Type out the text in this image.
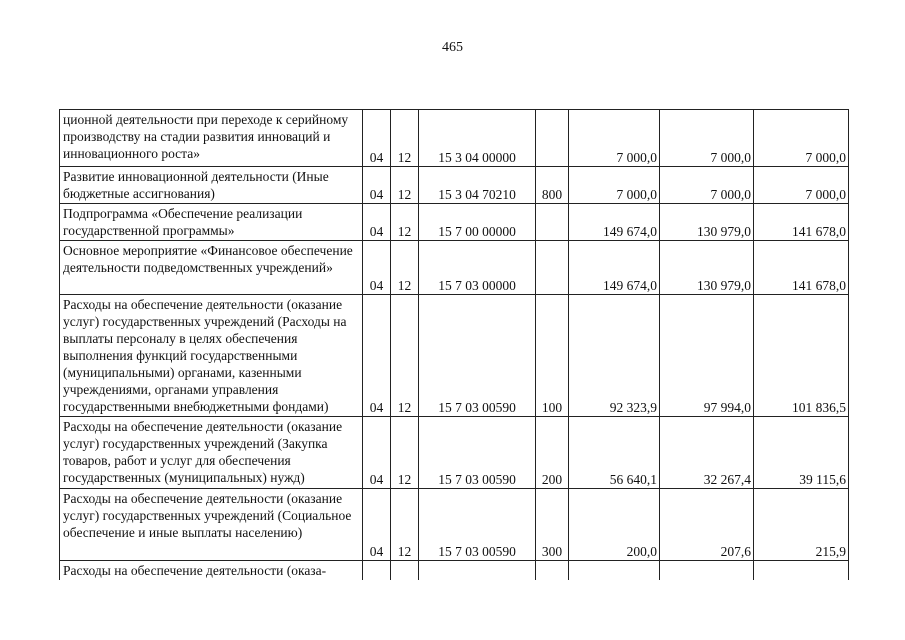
465
ционной деятельности при переходе к серийному производству на стадии развития инноваций и инновационного роста»	04	12	15 3 04 00000		7 000,0	7 000,0	7 000,0
Развитие инновационной деятельности (Иные бюджетные ассигнования)	04	12	15 3 04 70210	800	7 000,0	7 000,0	7 000,0
Подпрограмма «Обеспечение реализации государственной программы»	04	12	15 7 00 00000		149 674,0	130 979,0	141 678,0
Основное мероприятие «Финансовое обеспечение деятельности подведомственных учреждений»	04	12	15 7 03 00000		149 674,0	130 979,0	141 678,0
Расходы на обеспечение деятельности (оказание услуг) государственных учреждений (Расходы на выплаты персоналу в целях обеспечения выполнения функций государственными (муниципальными) органами, казенными учреждениями, органами управления государственными внебюджетными фондами)	04	12	15 7 03 00590	100	92 323,9	97 994,0	101 836,5
Расходы на обеспечение деятельности (оказание услуг) государственных учреждений (Закупка товаров, работ и услуг для обеспечения государственных (муниципальных) нужд)	04	12	15 7 03 00590	200	56 640,1	32 267,4	39 115,6
Расходы на обеспечение деятельности (оказание услуг) государственных учреждений (Социальное обеспечение и иные выплаты населению)	04	12	15 7 03 00590	300	200,0	207,6	215,9
Расходы на обеспечение деятельности (оказа-							
